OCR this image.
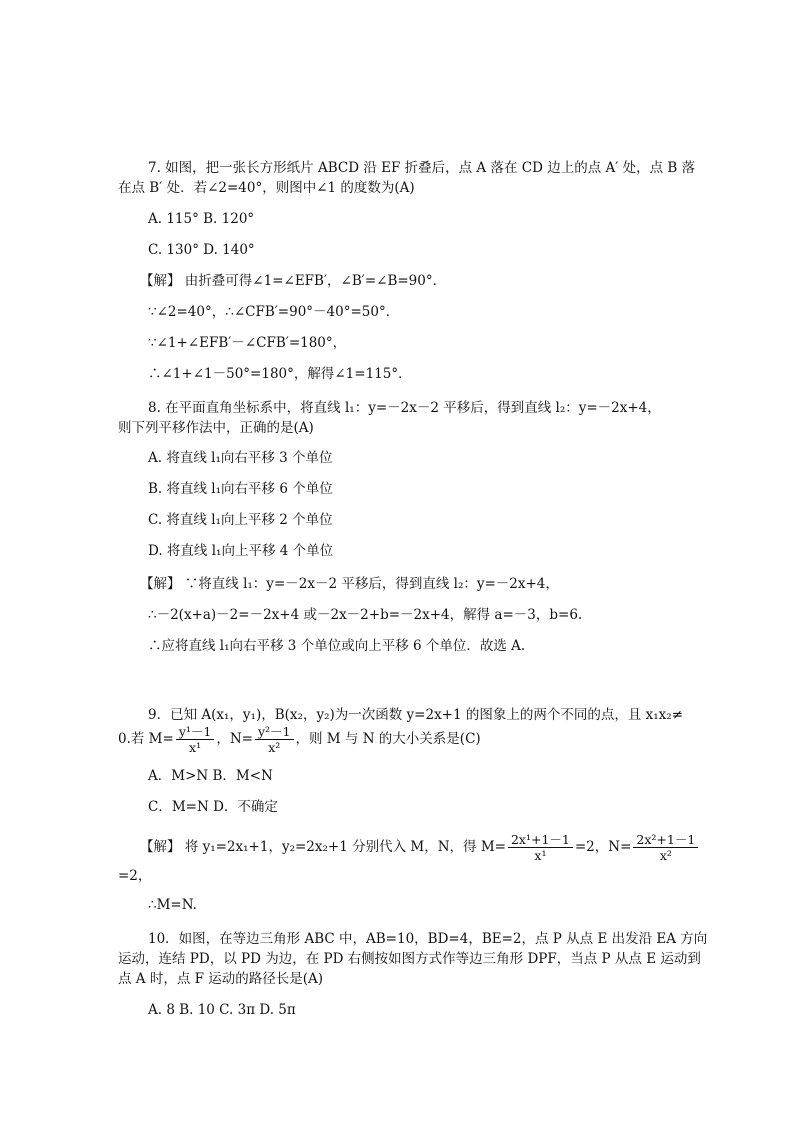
7. 如图，把一张长方形纸片 ABCD 沿 EF 折叠后，点 A 落在 CD 边上的点 A′ 处，点 B 落
在点 B′ 处．若∠2=40°，则图中∠1 的度数为(A)
A. 115° B. 120°
C. 130° D. 140°
【解】 由折叠可得∠1=∠EFB′，∠B′=∠B=90°．
∵∠2=40°，∴∠CFB′=90°－40°=50°．
∵∠1+∠EFB′－∠CFB′=180°，
∴∠1+∠1－50°=180°，解得∠1=115°．
8. 在平面直角坐标系中，将直线 l₁：y=－2x－2 平移后，得到直线 l₂：y=－2x+4，
则下列平移作法中，正确的是(A)
A. 将直线 l₁向右平移 3 个单位
B. 将直线 l₁向右平移 6 个单位
C. 将直线 l₁向上平移 2 个单位
D. 将直线 l₁向上平移 4 个单位
【解】 ∵将直线 l₁：y=－2x－2 平移后，得到直线 l₂：y=－2x+4，
∴－2(x+a)－2=－2x+4 或－2x－2+b=－2x+4，解得 a=－3，b=6.
∴应将直线 l₁向右平移 3 个单位或向上平移 6 个单位．故选 A.
9．已知 A(x₁，y₁)，B(x₂，y₂)为一次函数 y=2x+1 的图象上的两个不同的点，且 x₁x₂≠
0.若 $M= \frac{\text{y¹－1}}{\text{x¹}}$ ，$N= \frac{\text{y²－1}}{\text{x²}}$ ，则 M 与 N 的大小关系是(C)
A．M>N B．M<N
C．M=N D．不确定
【解】 将 y₁=2x₁+1，y₂=2x₂+1 分别代入 M，N，得 $M= \frac{\text{2x¹+1－1}}{\text{x¹}} =2$，$N= \frac{\text{2x²+1－1}}{\text{x²}}$
=2，
∴M=N.
10．如图，在等边三角形 ABC 中，AB=10，BD=4，BE=2，点 P 从点 E 出发沿 EA 方向
运动，连结 PD，以 PD 为边，在 PD 右侧按如图方式作等边三角形 DPF，当点 P 从点 E 运动到
点 A 时，点 F 运动的路径长是(A)
A. 8 B. 10 C. 3π D. 5π
